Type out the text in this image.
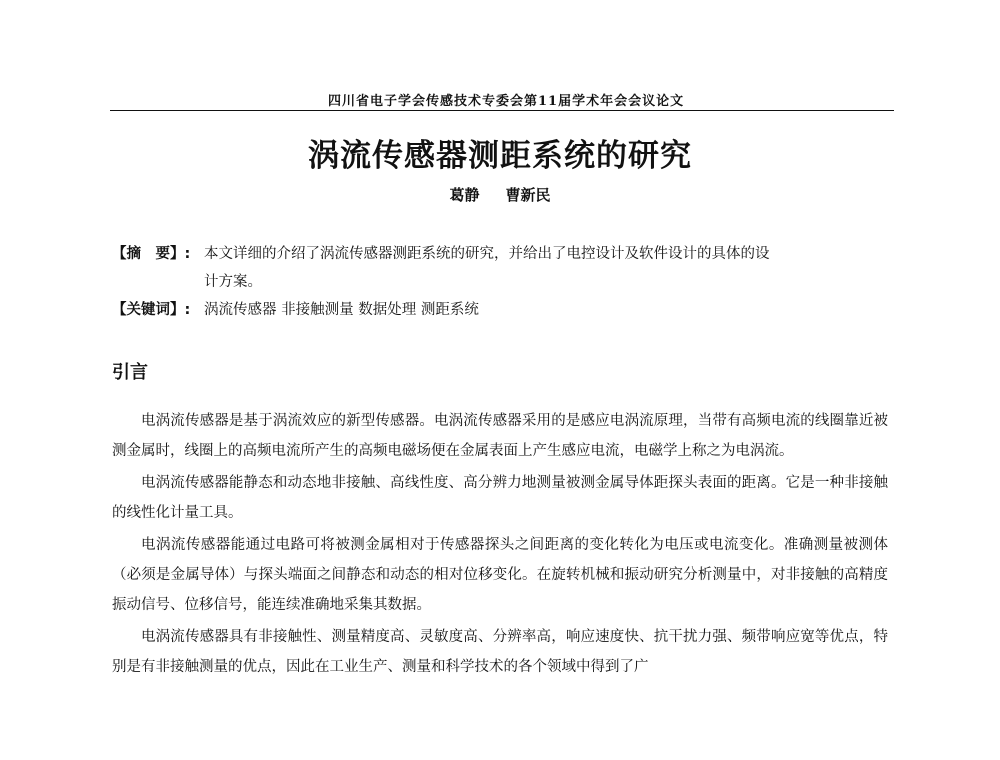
四川省电子学会传感技术专委会第11届学术年会会议论文
涡流传感器测距系统的研究
葛静 曹新民
【摘　要】: 本文详细的介绍了涡流传感器测距系统的研究，并给出了电控设计及软件设计的具体的设
计方案。
【关键词】: 涡流传感器 非接触测量 数据处理 测距系统
引言

电涡流传感器是基于涡流效应的新型传感器。电涡流传感器采用的是感应电涡流原理，当带有高频电流的线圈靠近被测金属时，线圈上的高频电流所产生的高频电磁场便在金属表面上产生感应电流，电磁学上称之为电涡流。

电涡流传感器能静态和动态地非接触、高线性度、高分辨力地测量被测金属导体距探头表面的距离。它是一种非接触的线性化计量工具。

电涡流传感器能通过电路可将被测金属相对于传感器探头之间距离的变化转化为电压或电流变化。准确测量被测体（必须是金属导体）与探头端面之间静态和动态的相对位移变化。在旋转机械和振动研究分析测量中，对非接触的高精度振动信号、位移信号，能连续准确地采集其数据。

电涡流传感器具有非接触性、测量精度高、灵敏度高、分辨率高，响应速度快、抗干扰力强、频带响应宽等优点，特别是有非接触测量的优点，因此在工业生产、测量和科学技术的各个领域中得到了广
